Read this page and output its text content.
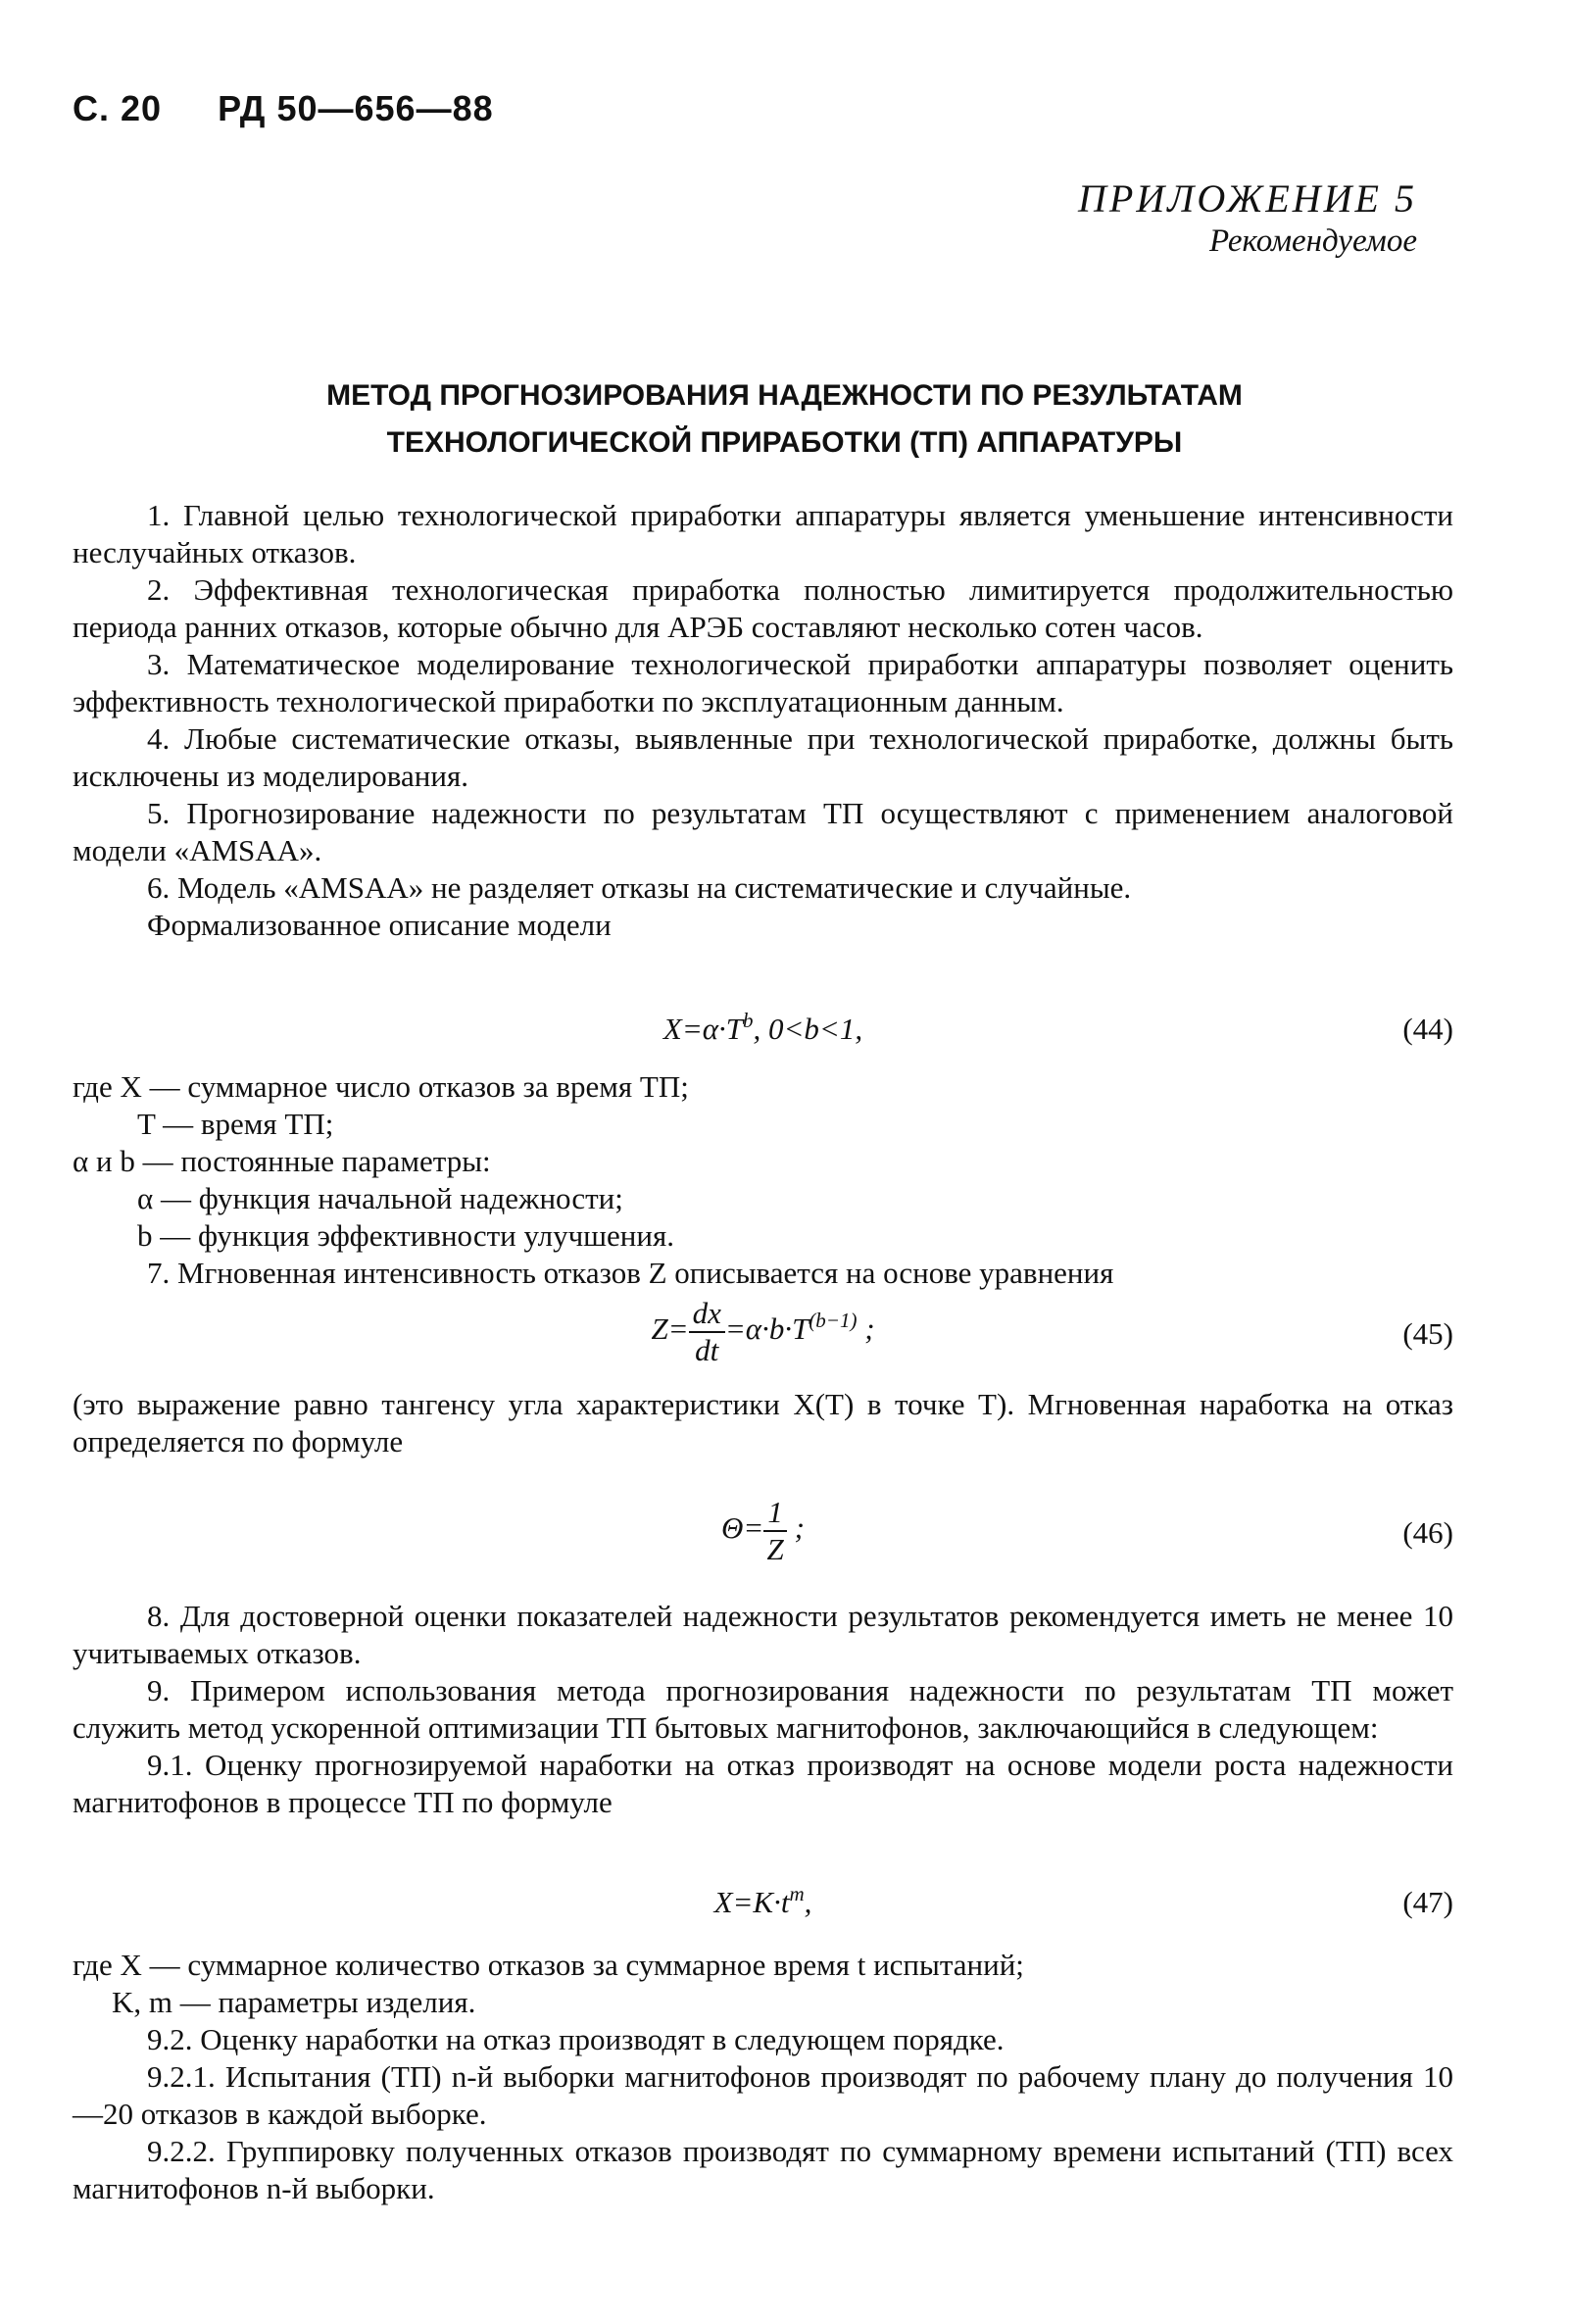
С. 20 РД 50—656—88
ПРИЛОЖЕНИЕ 5
Рекомендуемое
МЕТОД ПРОГНОЗИРОВАНИЯ НАДЕЖНОСТИ ПО РЕЗУЛЬТАТАМ
ТЕХНОЛОГИЧЕСКОЙ ПРИРАБОТКИ (ТП) АППАРАТУРЫ

1. Главной целью технологической приработки аппаратуры является уменьшение интенсивности неслучайных отказов.

2. Эффективная технологическая приработка полностью лимитируется продолжительностью периода ранних отказов, которые обычно для АРЭБ составляют несколько сотен часов.

3. Математическое моделирование технологической приработки аппаратуры позволяет оценить эффективность технологической приработки по эксплуатационным данным.

4. Любые систематические отказы, выявленные при технологической приработке, должны быть исключены из моделирования.

5. Прогнозирование надежности по результатам ТП осуществляют с применением аналоговой модели «AMSAA».

6. Модель «AMSAA» не разделяет отказы на систематические и случайные.

Формализованное описание модели

$X=\alpha\cdot T^b$, 0<b<1,	(44)

где X — суммарное число отказов за время ТП;

T — время ТП;

α и b — постоянные параметры:

α — функция начальной надежности;

b — функция эффективности улучшения.

7. Мгновенная интенсивность отказов Z описывается на основе уравнения

$Z= \frac{dx}{dt} =\alpha\cdot b\cdot T^{(b-1)}$ ;	(45)

(это выражение равно тангенсу угла характеристики X(T) в точке T). Мгновенная наработка на отказ определяется по формуле

$\Theta= \frac{1}{Z}$ ;	(46)

8. Для достоверной оценки показателей надежности результатов рекомендуется иметь не менее 10 учитываемых отказов.

9. Примером использования метода прогнозирования надежности по результатам ТП может служить метод ускоренной оптимизации ТП бытовых магнитофонов, заключающийся в следующем:

9.1. Оценку прогнозируемой наработки на отказ производят на основе модели роста надежности магнитофонов в процессе ТП по формуле

$X=K\cdot t^m$,	(47)

где X — суммарное количество отказов за суммарное время t испытаний;

K, m — параметры изделия.

9.2. Оценку наработки на отказ производят в следующем порядке.

9.2.1. Испытания (ТП) n-й выборки магнитофонов производят по рабочему плану до получения 10—20 отказов в каждой выборке.

9.2.2. Группировку полученных отказов производят по суммарному времени испытаний (ТП) всех магнитофонов n-й выборки.
